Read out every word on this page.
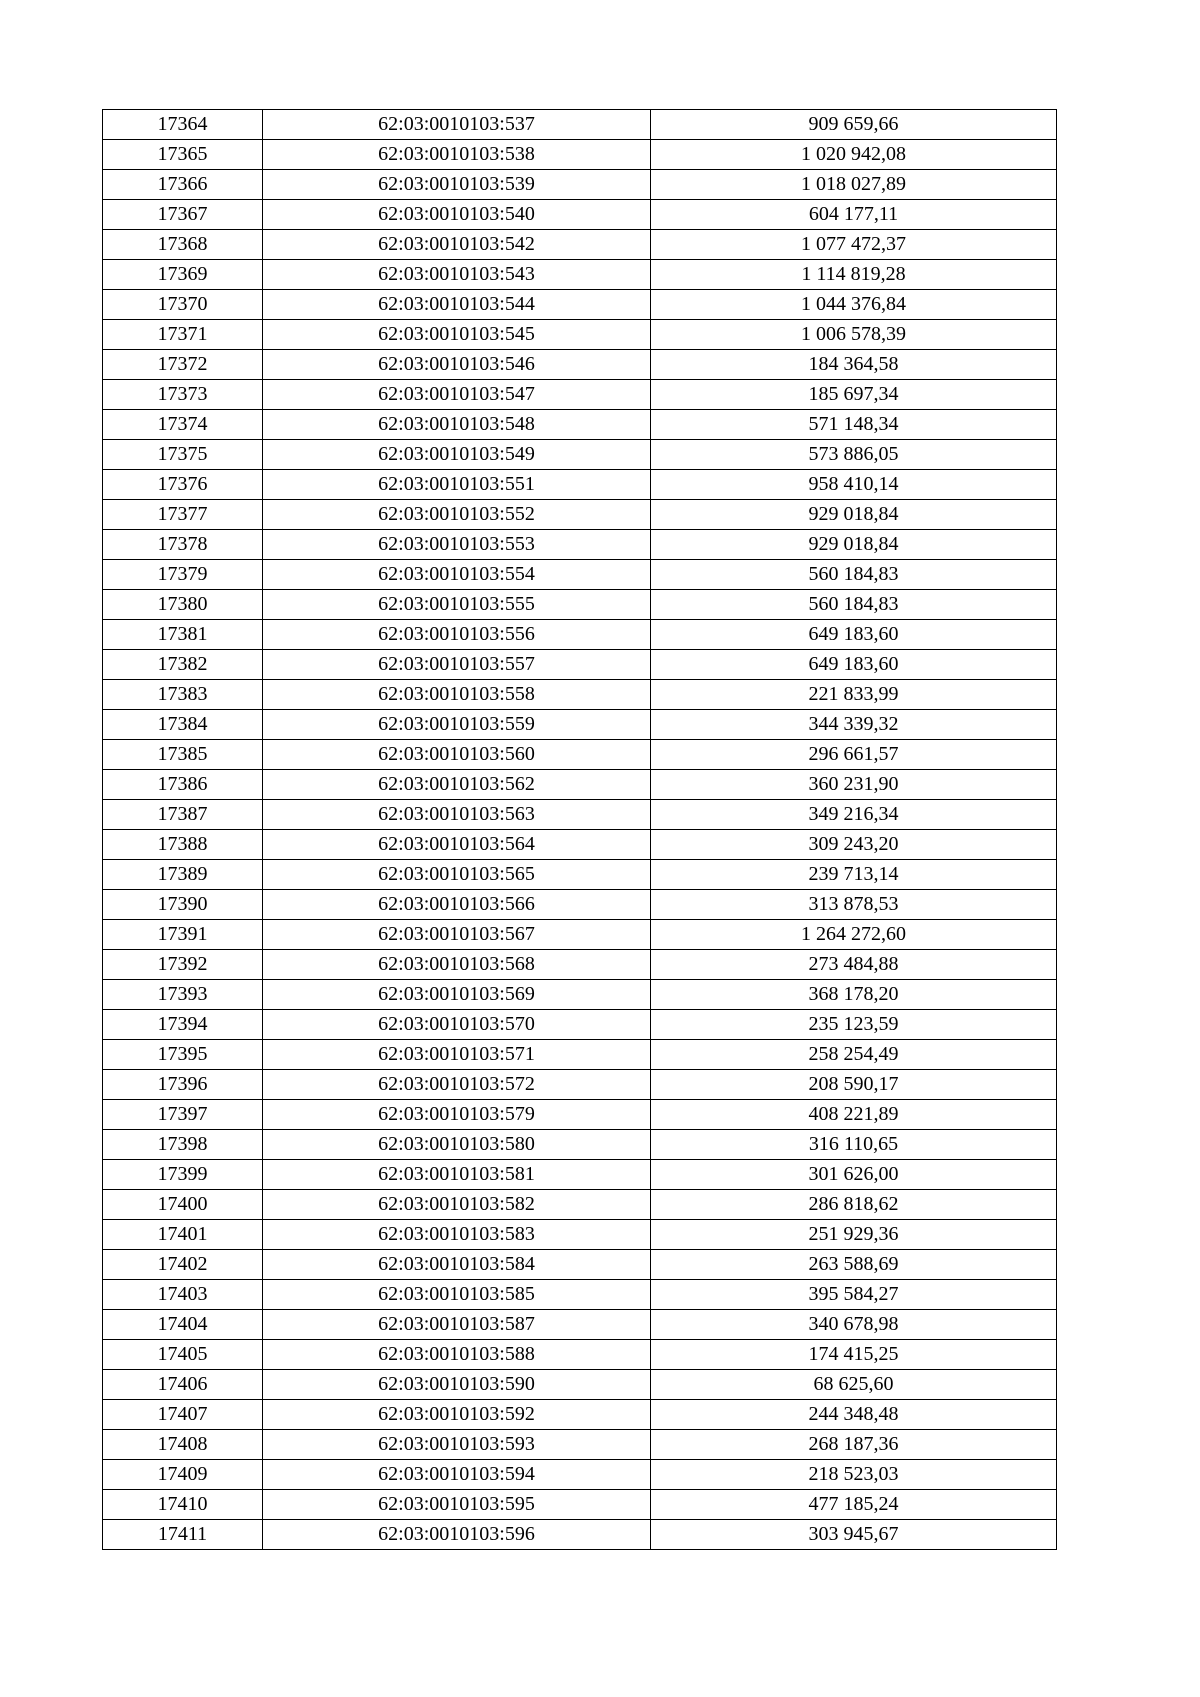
17364	62:03:0010103:537	909 659,66
17365	62:03:0010103:538	1 020 942,08
17366	62:03:0010103:539	1 018 027,89
17367	62:03:0010103:540	604 177,11
17368	62:03:0010103:542	1 077 472,37
17369	62:03:0010103:543	1 114 819,28
17370	62:03:0010103:544	1 044 376,84
17371	62:03:0010103:545	1 006 578,39
17372	62:03:0010103:546	184 364,58
17373	62:03:0010103:547	185 697,34
17374	62:03:0010103:548	571 148,34
17375	62:03:0010103:549	573 886,05
17376	62:03:0010103:551	958 410,14
17377	62:03:0010103:552	929 018,84
17378	62:03:0010103:553	929 018,84
17379	62:03:0010103:554	560 184,83
17380	62:03:0010103:555	560 184,83
17381	62:03:0010103:556	649 183,60
17382	62:03:0010103:557	649 183,60
17383	62:03:0010103:558	221 833,99
17384	62:03:0010103:559	344 339,32
17385	62:03:0010103:560	296 661,57
17386	62:03:0010103:562	360 231,90
17387	62:03:0010103:563	349 216,34
17388	62:03:0010103:564	309 243,20
17389	62:03:0010103:565	239 713,14
17390	62:03:0010103:566	313 878,53
17391	62:03:0010103:567	1 264 272,60
17392	62:03:0010103:568	273 484,88
17393	62:03:0010103:569	368 178,20
17394	62:03:0010103:570	235 123,59
17395	62:03:0010103:571	258 254,49
17396	62:03:0010103:572	208 590,17
17397	62:03:0010103:579	408 221,89
17398	62:03:0010103:580	316 110,65
17399	62:03:0010103:581	301 626,00
17400	62:03:0010103:582	286 818,62
17401	62:03:0010103:583	251 929,36
17402	62:03:0010103:584	263 588,69
17403	62:03:0010103:585	395 584,27
17404	62:03:0010103:587	340 678,98
17405	62:03:0010103:588	174 415,25
17406	62:03:0010103:590	68 625,60
17407	62:03:0010103:592	244 348,48
17408	62:03:0010103:593	268 187,36
17409	62:03:0010103:594	218 523,03
17410	62:03:0010103:595	477 185,24
17411	62:03:0010103:596	303 945,67
